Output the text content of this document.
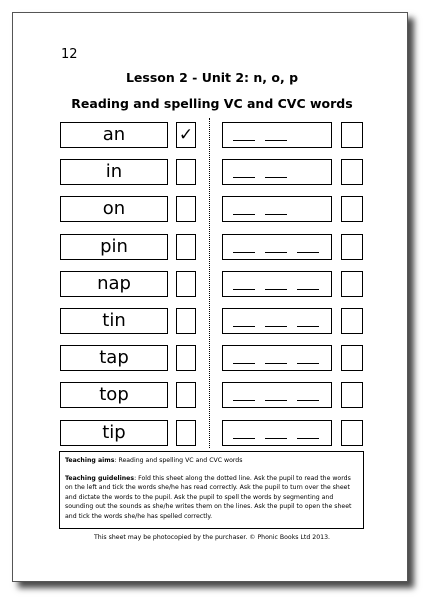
12
Lesson 2 - Unit 2: n, o, p
Reading and spelling VC and CVC words
an	✓
in
on
pin
nap
tin
tap
top
tip

Teaching aims: Reading and spelling VC and CVC words

Teaching guidelines: Fold this sheet along the dotted line. Ask the pupil to read the words on the left and tick the words she/he has read correctly. Ask the pupil to turn over the sheet and dictate the words to the pupil. Ask the pupil to spell the words by segmenting and sounding out the sounds as she/he writes them on the lines. Ask the pupil to open the sheet and tick the words she/he has spelled correctly.

This sheet may be photocopied by the purchaser. © Phonic Books Ltd 2013.
